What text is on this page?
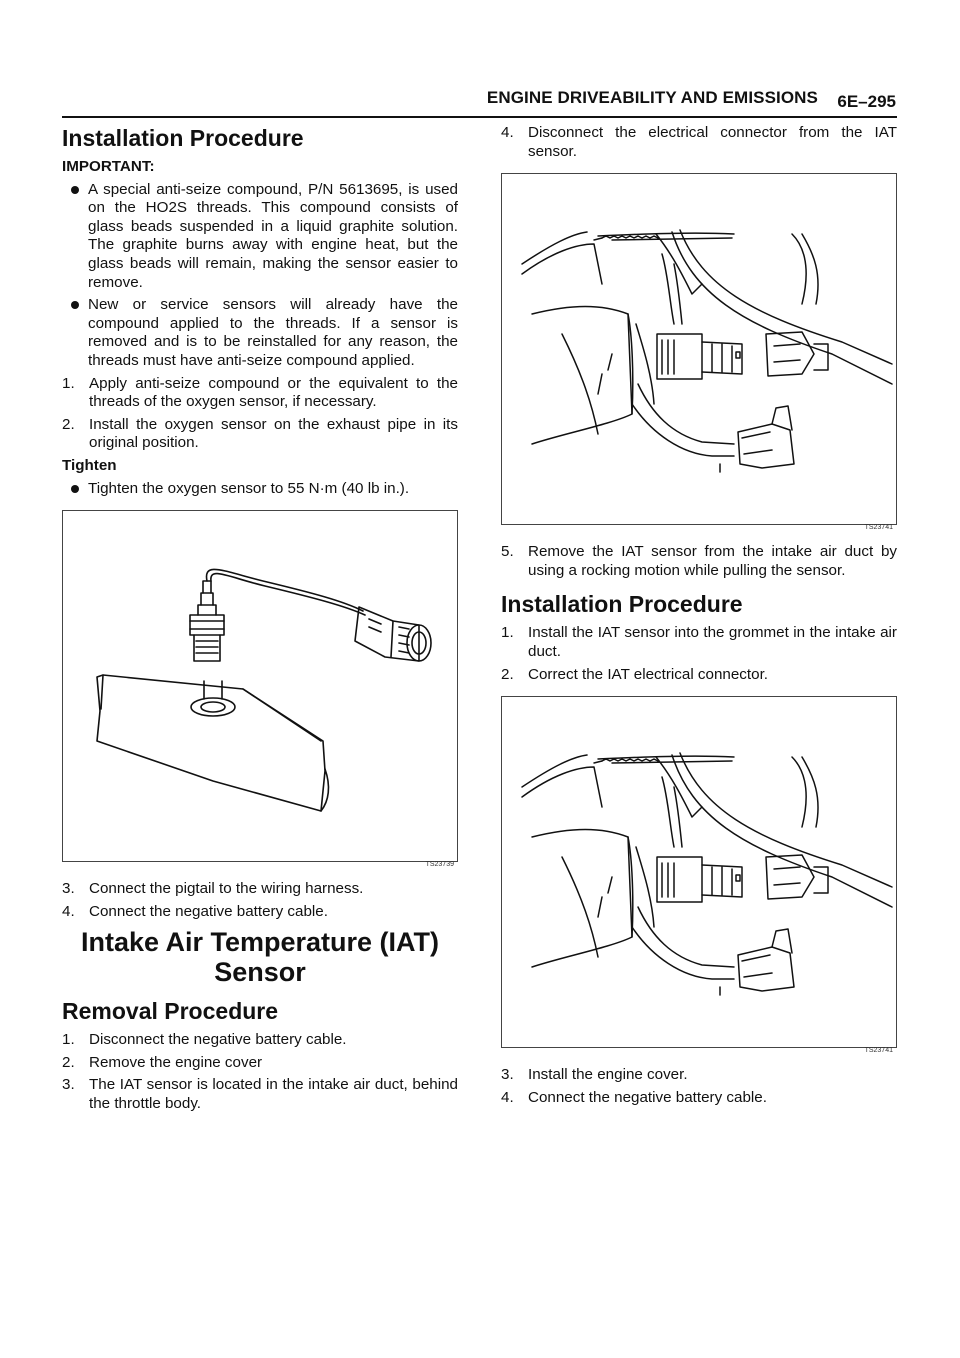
ENGINE DRIVEABILITY AND EMISSIONS	6E–295
Installation Procedure
IMPORTANT:
A special anti-seize compound, P/N 5613695, is used on the HO2S threads. This compound consists of glass beads suspended in a liquid graphite solution. The graphite burns away with engine heat, but the glass beads will remain, making the sensor easier to remove.
New or service sensors will already have the compound applied to the threads. If a sensor is removed and is to be reinstalled for any reason, the threads must have anti-seize compound applied.
1. Apply anti-seize compound or the equivalent to the threads of the oxygen sensor, if necessary.
2. Install the oxygen sensor on the exhaust pipe in its original position.
Tighten
Tighten the oxygen sensor to 55 N·m (40 lb in.).
TS23739
3. Connect the pigtail to the wiring harness.
4. Connect the negative battery cable.
Intake Air Temperature (IAT)
Sensor
Removal Procedure
1. Disconnect the negative battery cable.
2. Remove the engine cover
3. The IAT sensor is located in the intake air duct, behind the throttle body.
4. Disconnect the electrical connector from the IAT sensor.
TS23741
5. Remove the IAT sensor from the intake air duct by using a rocking motion while pulling the sensor.
Installation Procedure
1. Install the IAT sensor into the grommet in the intake air duct.
2. Correct the IAT electrical connector.
TS23741
3. Install the engine cover.
4. Connect the negative battery cable.
